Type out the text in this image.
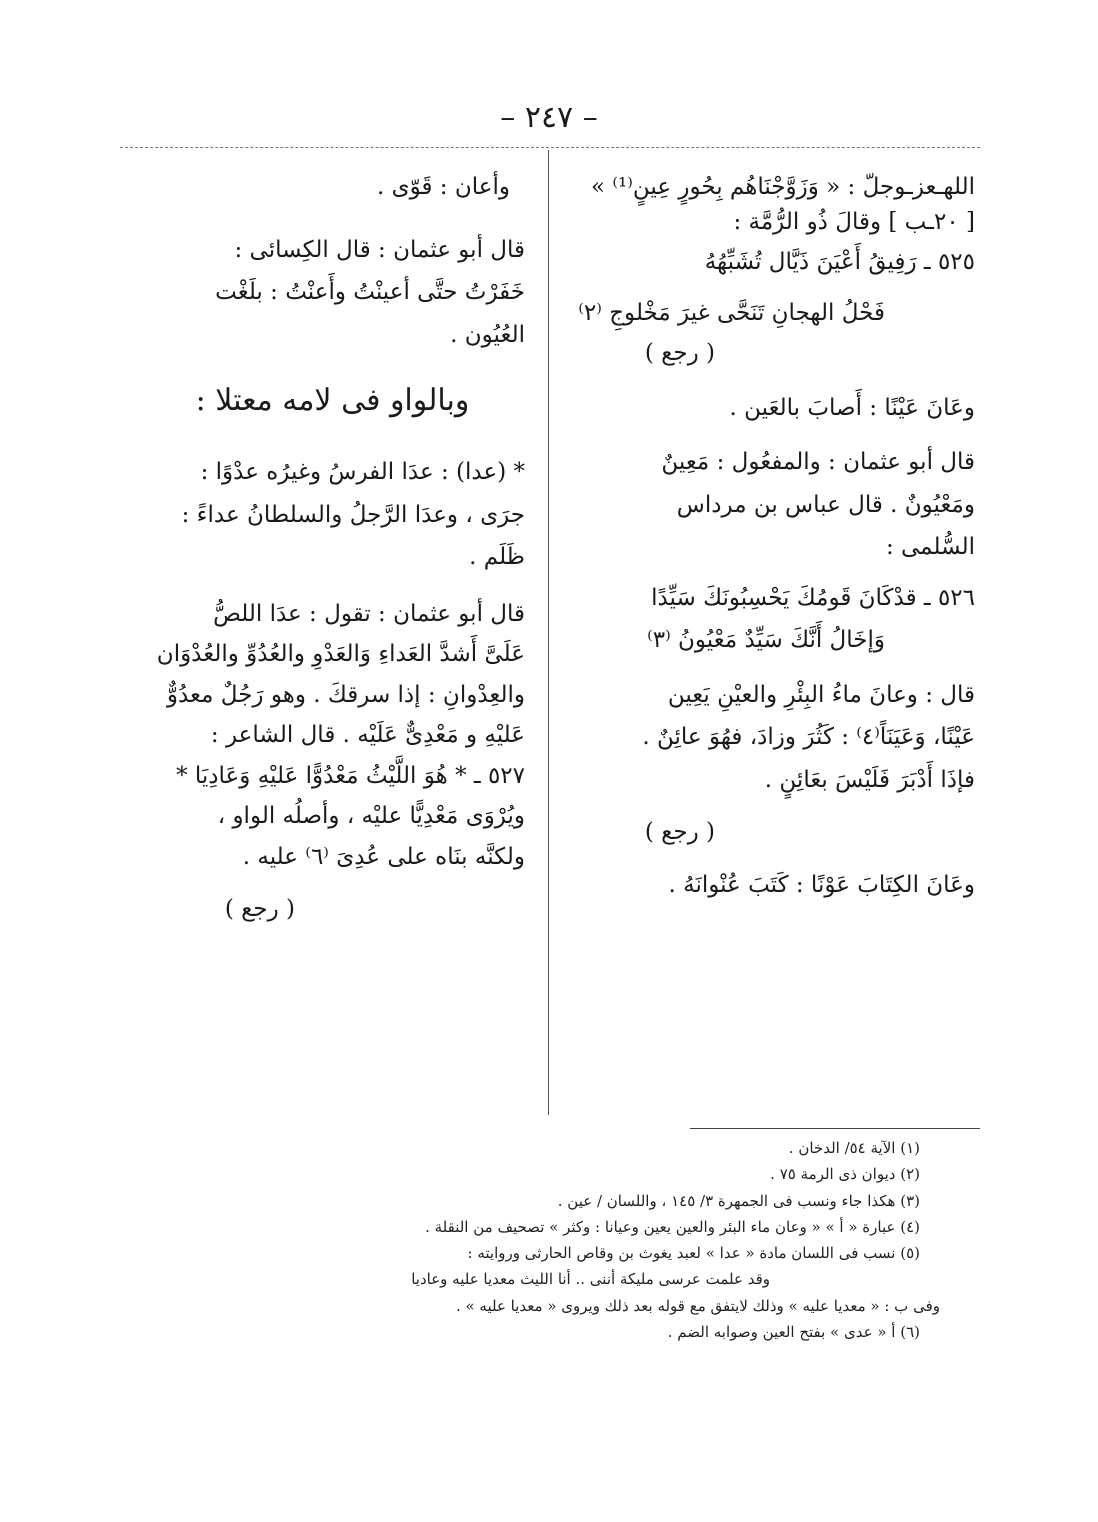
– ٢٤٧ –

اللهـعزـوجلّ : « وَزَوَّجْنَاهُم بِحُورٍ عِينٍ⁽¹⁾ »

[ ٢٠ـب ] وقالَ ذُو الرُّمَّة :

٥٢٥ ـ رَفِيقُ أَعْيَنَ ذَيَّال تُشَبِّهُهُ

فَحْلُ الهجانِ تَنَحَّى غيرَ مَخْلوجِ ⁽٢⁾

( رجع )

وعَانَ عَيْنًا : أَصابَ بالعَين .

قال أبو عثمان : والمفعُول : مَعِينٌ

ومَعْيُونٌ . قال عباس بن مرداس

السُّلمى :

٥٢٦ ـ قدْكَانَ قَومُكَ يَحْسِبُونَكَ سَيِّدًا

وَإخَالُ أَنَّكَ سَيِّدٌ مَعْيُونُ ⁽٣⁾

قال : وعانَ ماءُ البِئْرِ والعيْنِ يَعِين

عَيْنًا، وَعَيَنَاً⁽٤⁾ : كَثُرَ وزادَ، فهُوَ عائِنٌ .

فإذَا أَدْبَرَ فَلَيْسَ بعَائِنٍ .

( رجع )

وعَانَ الكِتَابَ عَوْنًا : كَتَبَ عُنْوانَهُ .

وأعان : قَوّى .

قال أبو عثمان : قال الكِسائى :

خَفَرْتُ حتَّى أعينْتُ وأَعنْتُ : بلَغْت

العُيُون .

وبالواو فى لامه معتلا :

* (عدا) : عدَا الفرسُ وغيرُه عدْوًا :

جرَى ، وعدَا الرَّجلُ والسلطانُ عداءً :

ظَلَم .

قال أبو عثمان : تقول : عدَا اللصُّ

عَلَىَّ أَشدَّ العَداءِ وَالعَدْوِ والعُدُوِّ والعُدْوَان

والعِدْوانِ : إذا سرقكَ . وهو رَجُلٌ معدُوٌّ

عَليْهِ و مَعْدِىٌّ عَلَيْه . قال الشاعر :

٥٢٧ ـ * هُوَ اللَّيْثُ مَعْدُوًّا عَليْهِ وَعَادِيَا *

ويُرْوَى مَعْدِيًّا عليْه ، وأصلُه الواو ،

ولكنَّه بنَاه على عُدِىَ ⁽٦⁾ عليه .

( رجع )

(١) الآية ٥٤/ الدخان .

(٢) ديوان ذى الرمة ٧٥ .

(٣) هكذا جاء ونسب فى الجمهرة ٣/ ١٤٥ ، واللسان / عين .

(٤) عبارة « أ » « وعان ماء البئر والعين يعين وعيانا : وكثر » تصحيف من النقلة .

(٥) نسب فى اللسان مادة « عدا » لعبد يغوث بن وقاص الحارثى وروايته :

وقد علمت عرسى مليكة أننى .. أنا الليث معديا عليه وعاديا

وفى ب : « معديا عليه » وذلك لايتفق مع قوله بعد ذلك ويروى « معديا عليه » .

(٦) أ « عدى » بفتح العين وصوابه الضم .
